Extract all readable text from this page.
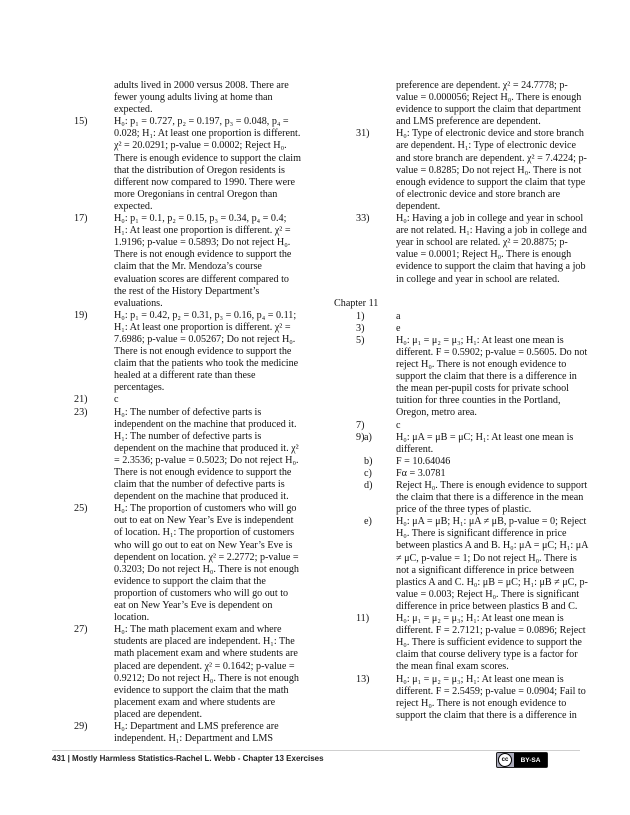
adults lived in 2000 versus 2008. There are fewer young adults living at home than expected.
15)	H₀: p₁ = 0.727, p₂ = 0.197, p₃ = 0.048, p₄ = 0.028; H₁: At least one proportion is different. χ² = 20.0291; p-value = 0.0002; Reject H₀. There is enough evidence to support the claim that the distribution of Oregon residents is different now compared to 1990. There were more Oregonians in central Oregon than expected.
17)	H₀: p₁ = 0.1, p₂ = 0.15, p₃ = 0.34, p₄ = 0.4; H₁: At least one proportion is different. χ² = 1.9196; p-value = 0.5893; Do not reject H₀. There is not enough evidence to support the claim that the Mr. Mendoza’s course evaluation scores are different compared to the rest of the History Department’s evaluations.
19)	H₀: p₁ = 0.42, p₂ = 0.31, p₃ = 0.16, p₄ = 0.11; H₁: At least one proportion is different. χ² = 7.6986; p-value = 0.05267; Do not reject H₀. There is not enough evidence to support the claim that the patients who took the medicine healed at a different rate than these percentages.
21)	c
23)	H₀: The number of defective parts is independent on the machine that produced it. H₁: The number of defective parts is dependent on the machine that produced it. χ² = 2.3536; p-value = 0.5023; Do not reject H₀. There is not enough evidence to support the claim that the number of defective parts is dependent on the machine that produced it.
25)	H₀: The proportion of customers who will go out to eat on New Year’s Eve is independent of location. H₁: The proportion of customers who will go out to eat on New Year’s Eve is dependent on location. χ² = 2.2772; p-value = 0.3203; Do not reject H₀. There is not enough evidence to support the claim that the proportion of customers who will go out to eat on New Year’s Eve is dependent on location.
27)	H₀: The math placement exam and where students are placed are independent. H₁: The math placement exam and where students are placed are dependent. χ² = 0.1642; p-value = 0.9212; Do not reject H₀. There is not enough evidence to support the claim that the math placement exam and where students are placed are dependent.
29)	H₀: Department and LMS preference are independent. H₁: Department and LMS
preference are dependent. χ² = 24.7778; p-value = 0.000056; Reject H₀. There is enough evidence to support the claim that department and LMS preference are dependent.
31)	H₀: Type of electronic device and store branch are dependent. H₁: Type of electronic device and store branch are dependent. χ² = 7.4224; p-value = 0.8285; Do not reject H₀. There is not enough evidence to support the claim that type of electronic device and store branch are dependent.
33)	H₀: Having a job in college and year in school are not related. H₁: Having a job in college and year in school are related. χ² = 20.8875; p-value = 0.0001; Reject H₀. There is enough evidence to support the claim that having a job in college and year in school are related.
Chapter 11
1)	a
3)	e
5)	H₀: μ₁ = μ₂ = μ₃; H₁: At least one mean is different. F = 0.5902; p-value = 0.5605. Do not reject H₀. There is not enough evidence to support the claim that there is a difference in the mean per-pupil costs for private school tuition for three counties in the Portland, Oregon, metro area.
7)	c
9) a) H₀: μA = μB = μC; H₁: At least one mean is different.
b) F = 10.64046
c) Fα = 3.0781
d) Reject H₀. There is enough evidence to support the claim that there is a difference in the mean price of the three types of plastic.
e) H₀: μA = μB; H₁: μA ≠ μB, p-value = 0; Reject H₀. There is significant difference in price between plastics A and B. H₀: μA = μC; H₁: μA ≠ μC, p-value = 1; Do not reject H₀. There is not a significant difference in price between plastics A and C. H₀: μB = μC; H₁: μB ≠ μC, p-value = 0.003; Reject H₀. There is significant difference in price between plastics B and C.
11)	H₀: μ₁ = μ₂ = μ₃; H₁: At least one mean is different. F = 2.7121; p-value = 0.0896; Reject H₀. There is sufficient evidence to support the claim that course delivery type is a factor for the mean final exam scores.
13)	H₀: μ₁ = μ₂ = μ₃; H₁: At least one mean is different. F = 2.5459; p-value = 0.0904; Fail to reject H₀. There is not enough evidence to support the claim that there is a difference in
431 | Mostly Harmless Statistics-Rachel L. Webb - Chapter 13 Exercises	cc	BY-SA
